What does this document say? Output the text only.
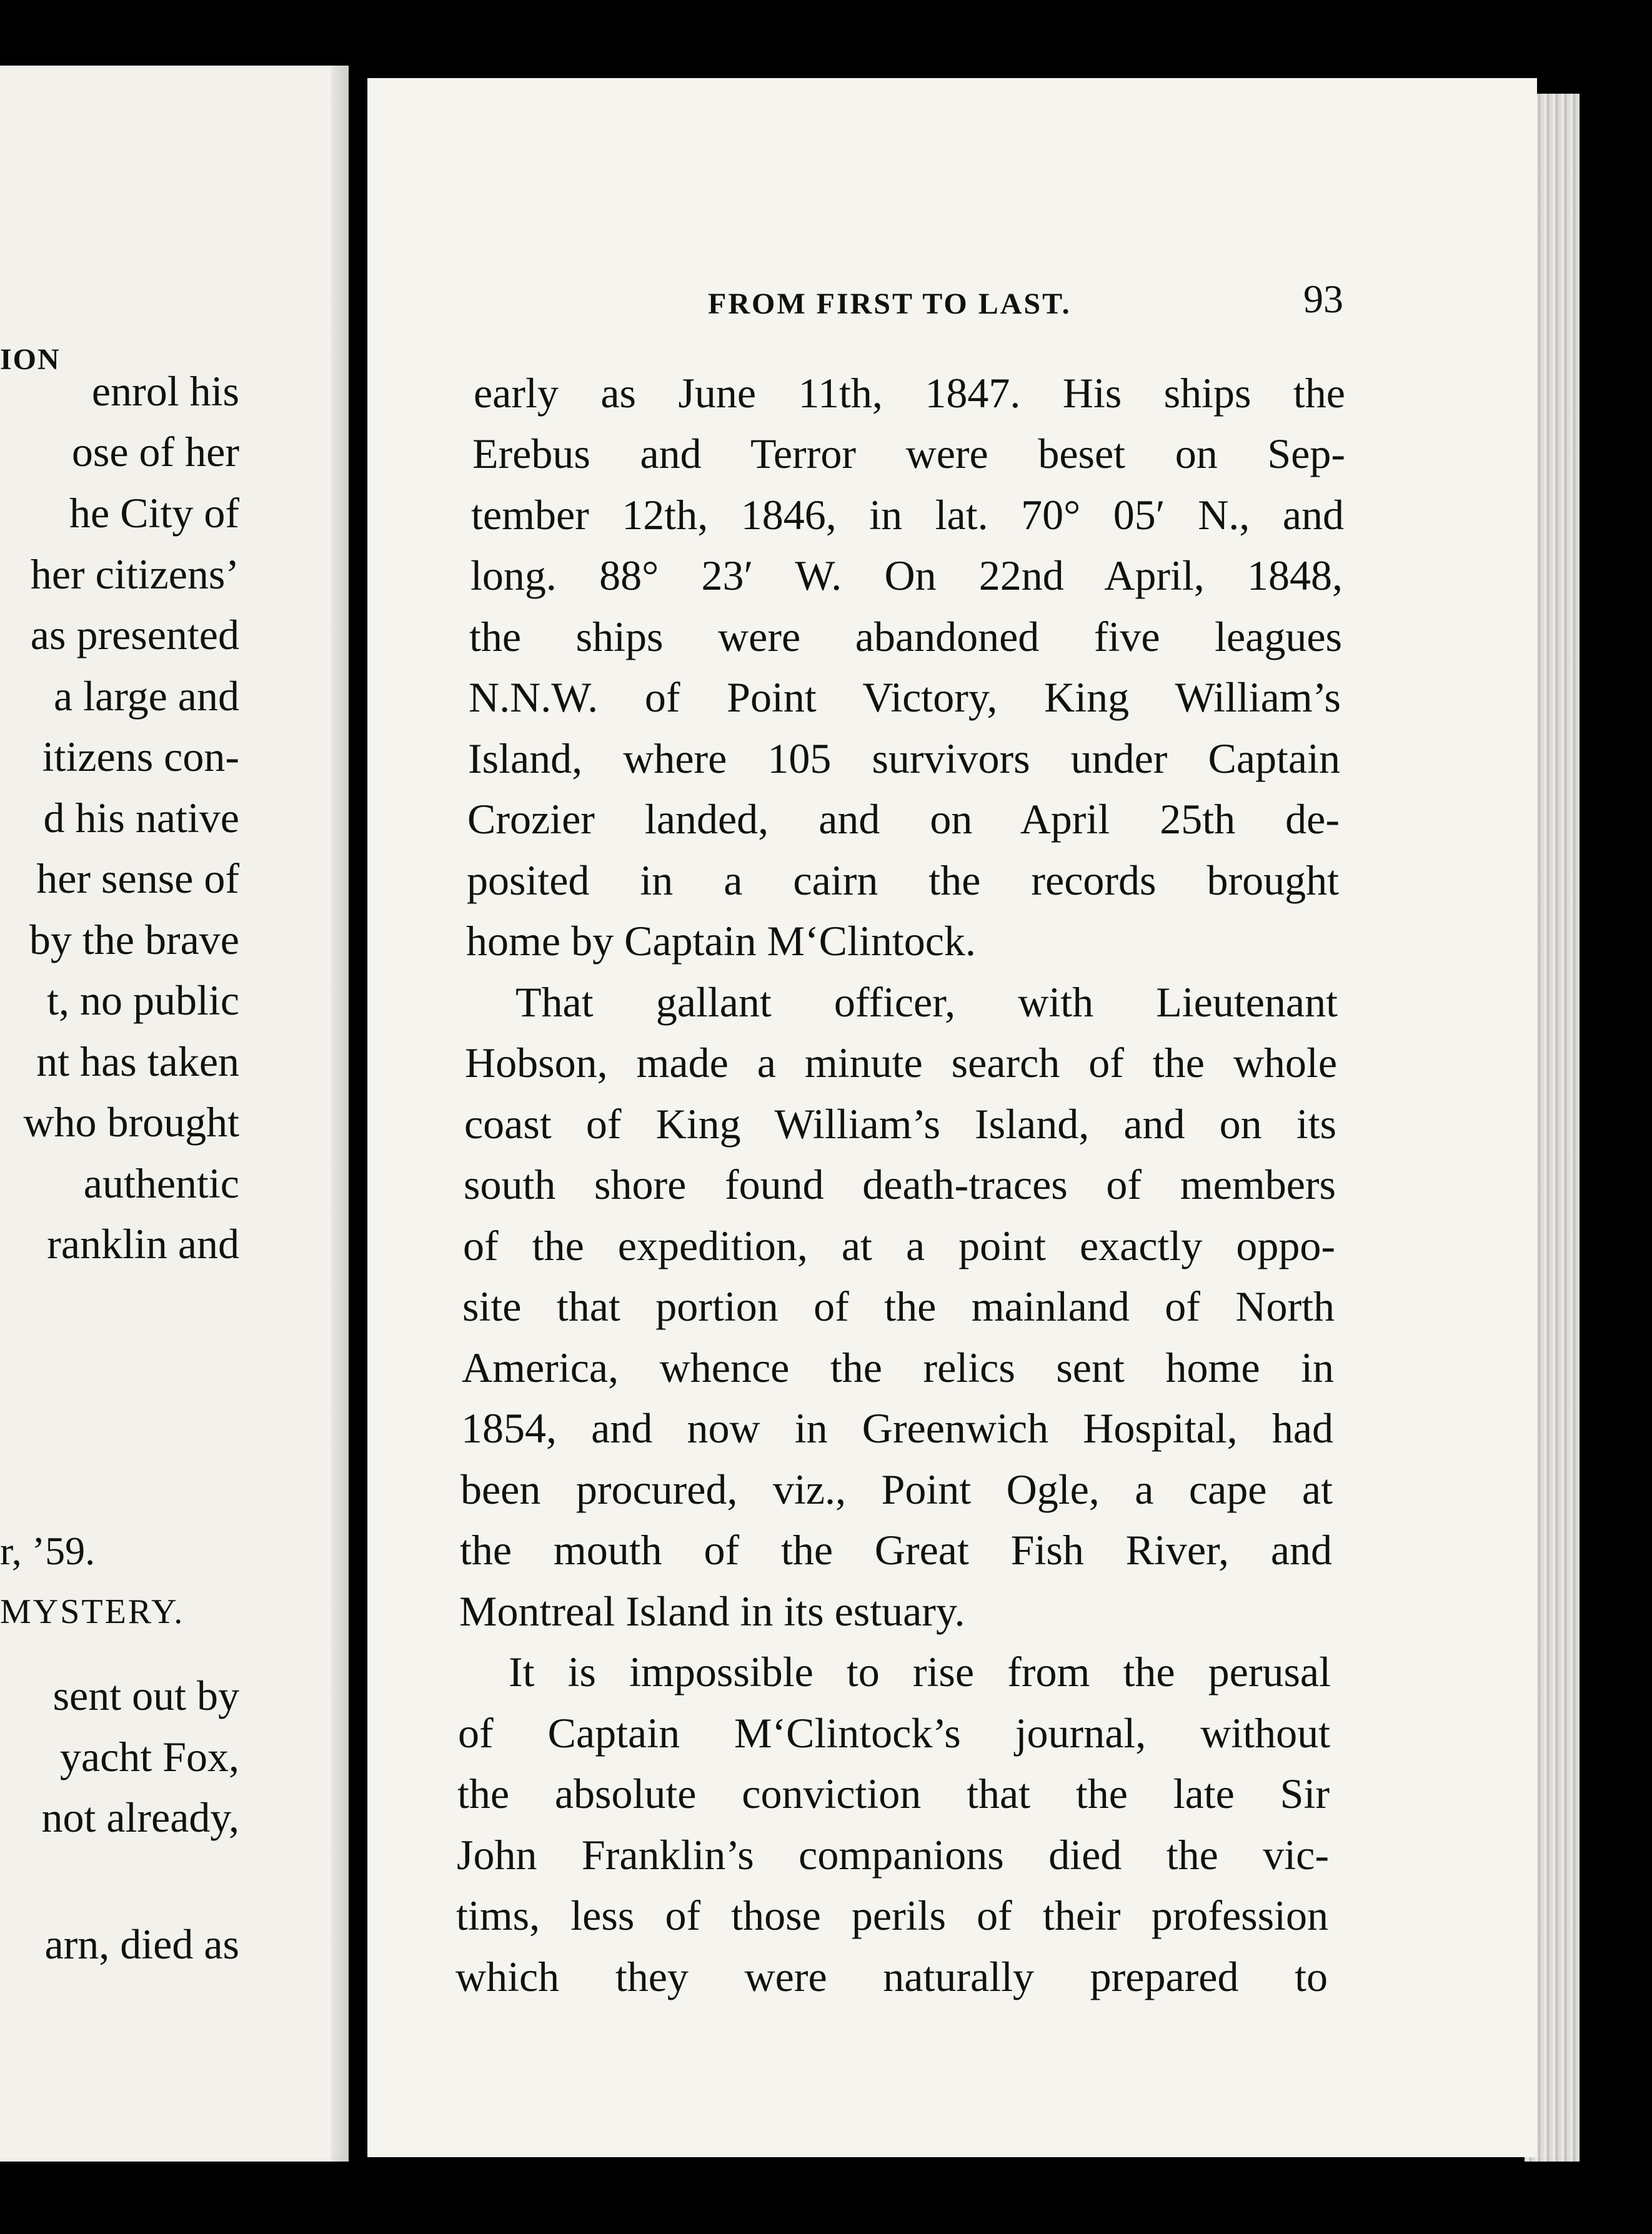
ION
enrol his
ose of her
he City of
her citizens’
as presented
a large and
itizens con-
d his native
her sense of
by the brave
t, no public
nt has taken
who brought
authentic
ranklin and
r, ’59.
MYSTERY.
sent out by
yacht Fox,
not already,
arn, died as
FROM FIRST TO LAST.	93
early as June 11th, 1847. His ships the
Erebus and Terror were beset on Sep-
tember 12th, 1846, in lat. 70° 05′ N., and
long. 88° 23′ W. On 22nd April, 1848,
the ships were abandoned five leagues
N.N.W. of Point Victory, King William’s
Island, where 105 survivors under Captain
Crozier landed, and on April 25th de-
posited in a cairn the records brought
home by Captain M‘Clintock.
That gallant officer, with Lieutenant
Hobson, made a minute search of the whole
coast of King William’s Island, and on its
south shore found death-traces of members
of the expedition, at a point exactly oppo-
site that portion of the mainland of North
America, whence the relics sent home in
1854, and now in Greenwich Hospital, had
been procured, viz., Point Ogle, a cape at
the mouth of the Great Fish River, and
Montreal Island in its estuary.
It is impossible to rise from the perusal
of Captain M‘Clintock’s journal, without
the absolute conviction that the late Sir
John Franklin’s companions died the vic-
tims, less of those perils of their profession
which they were naturally prepared to
